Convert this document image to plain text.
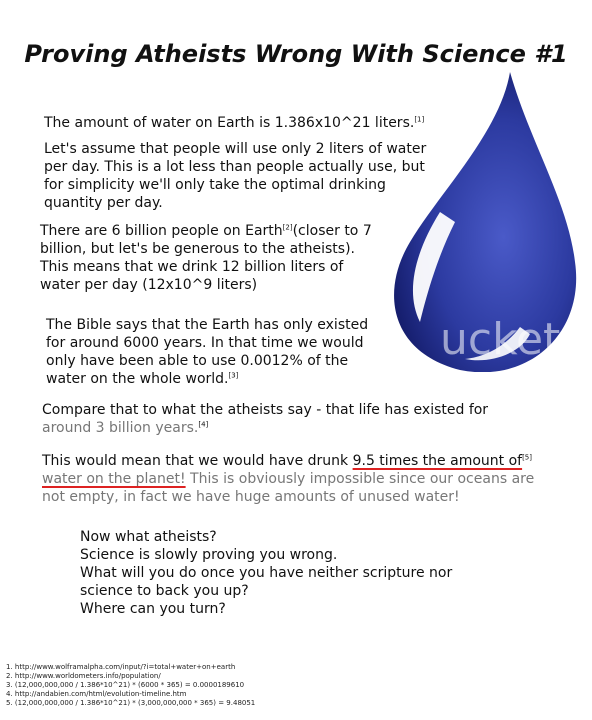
Proving Atheists Wrong With Science #1
ucket
The amount of water on Earth is 1.386x10^21 liters.[1]
Let's assume that people will use only 2 liters of water per day. This is a lot less than people actually use, but for simplicity we'll only take the optimal drinking quantity per day.
There are 6 billion people on Earth[2](closer to 7 billion, but let's be generous to the atheists). This means that we drink 12 billion liters of water per day (12x10^9 liters)
The Bible says that the Earth has only existed for around 6000 years. In that time we would only have been able to use 0.0012% of the water on the whole world.[3]
Compare that to what the atheists say - that life has existed for
around 3 billion years.[4]
This would mean that we would have drunk 9.5 times the amount of[5] water on the planet! This is obviously impossible since our oceans are not empty, in fact we have huge amounts of unused water!
Now what atheists?
Science is slowly proving you wrong.
What will you do once you have neither scripture nor
science to back you up?
Where can you turn?
1. http://www.wolframalpha.com/input/?i=total+water+on+earth
2. http://www.worldometers.info/population/
3. (12,000,000,000 / 1.386*10^21) * (6000 * 365) = 0.0000189610
4. http://andabien.com/html/evolution-timeline.htm
5. (12,000,000,000 / 1.386*10^21) * (3,000,000,000 * 365) = 9.48051
